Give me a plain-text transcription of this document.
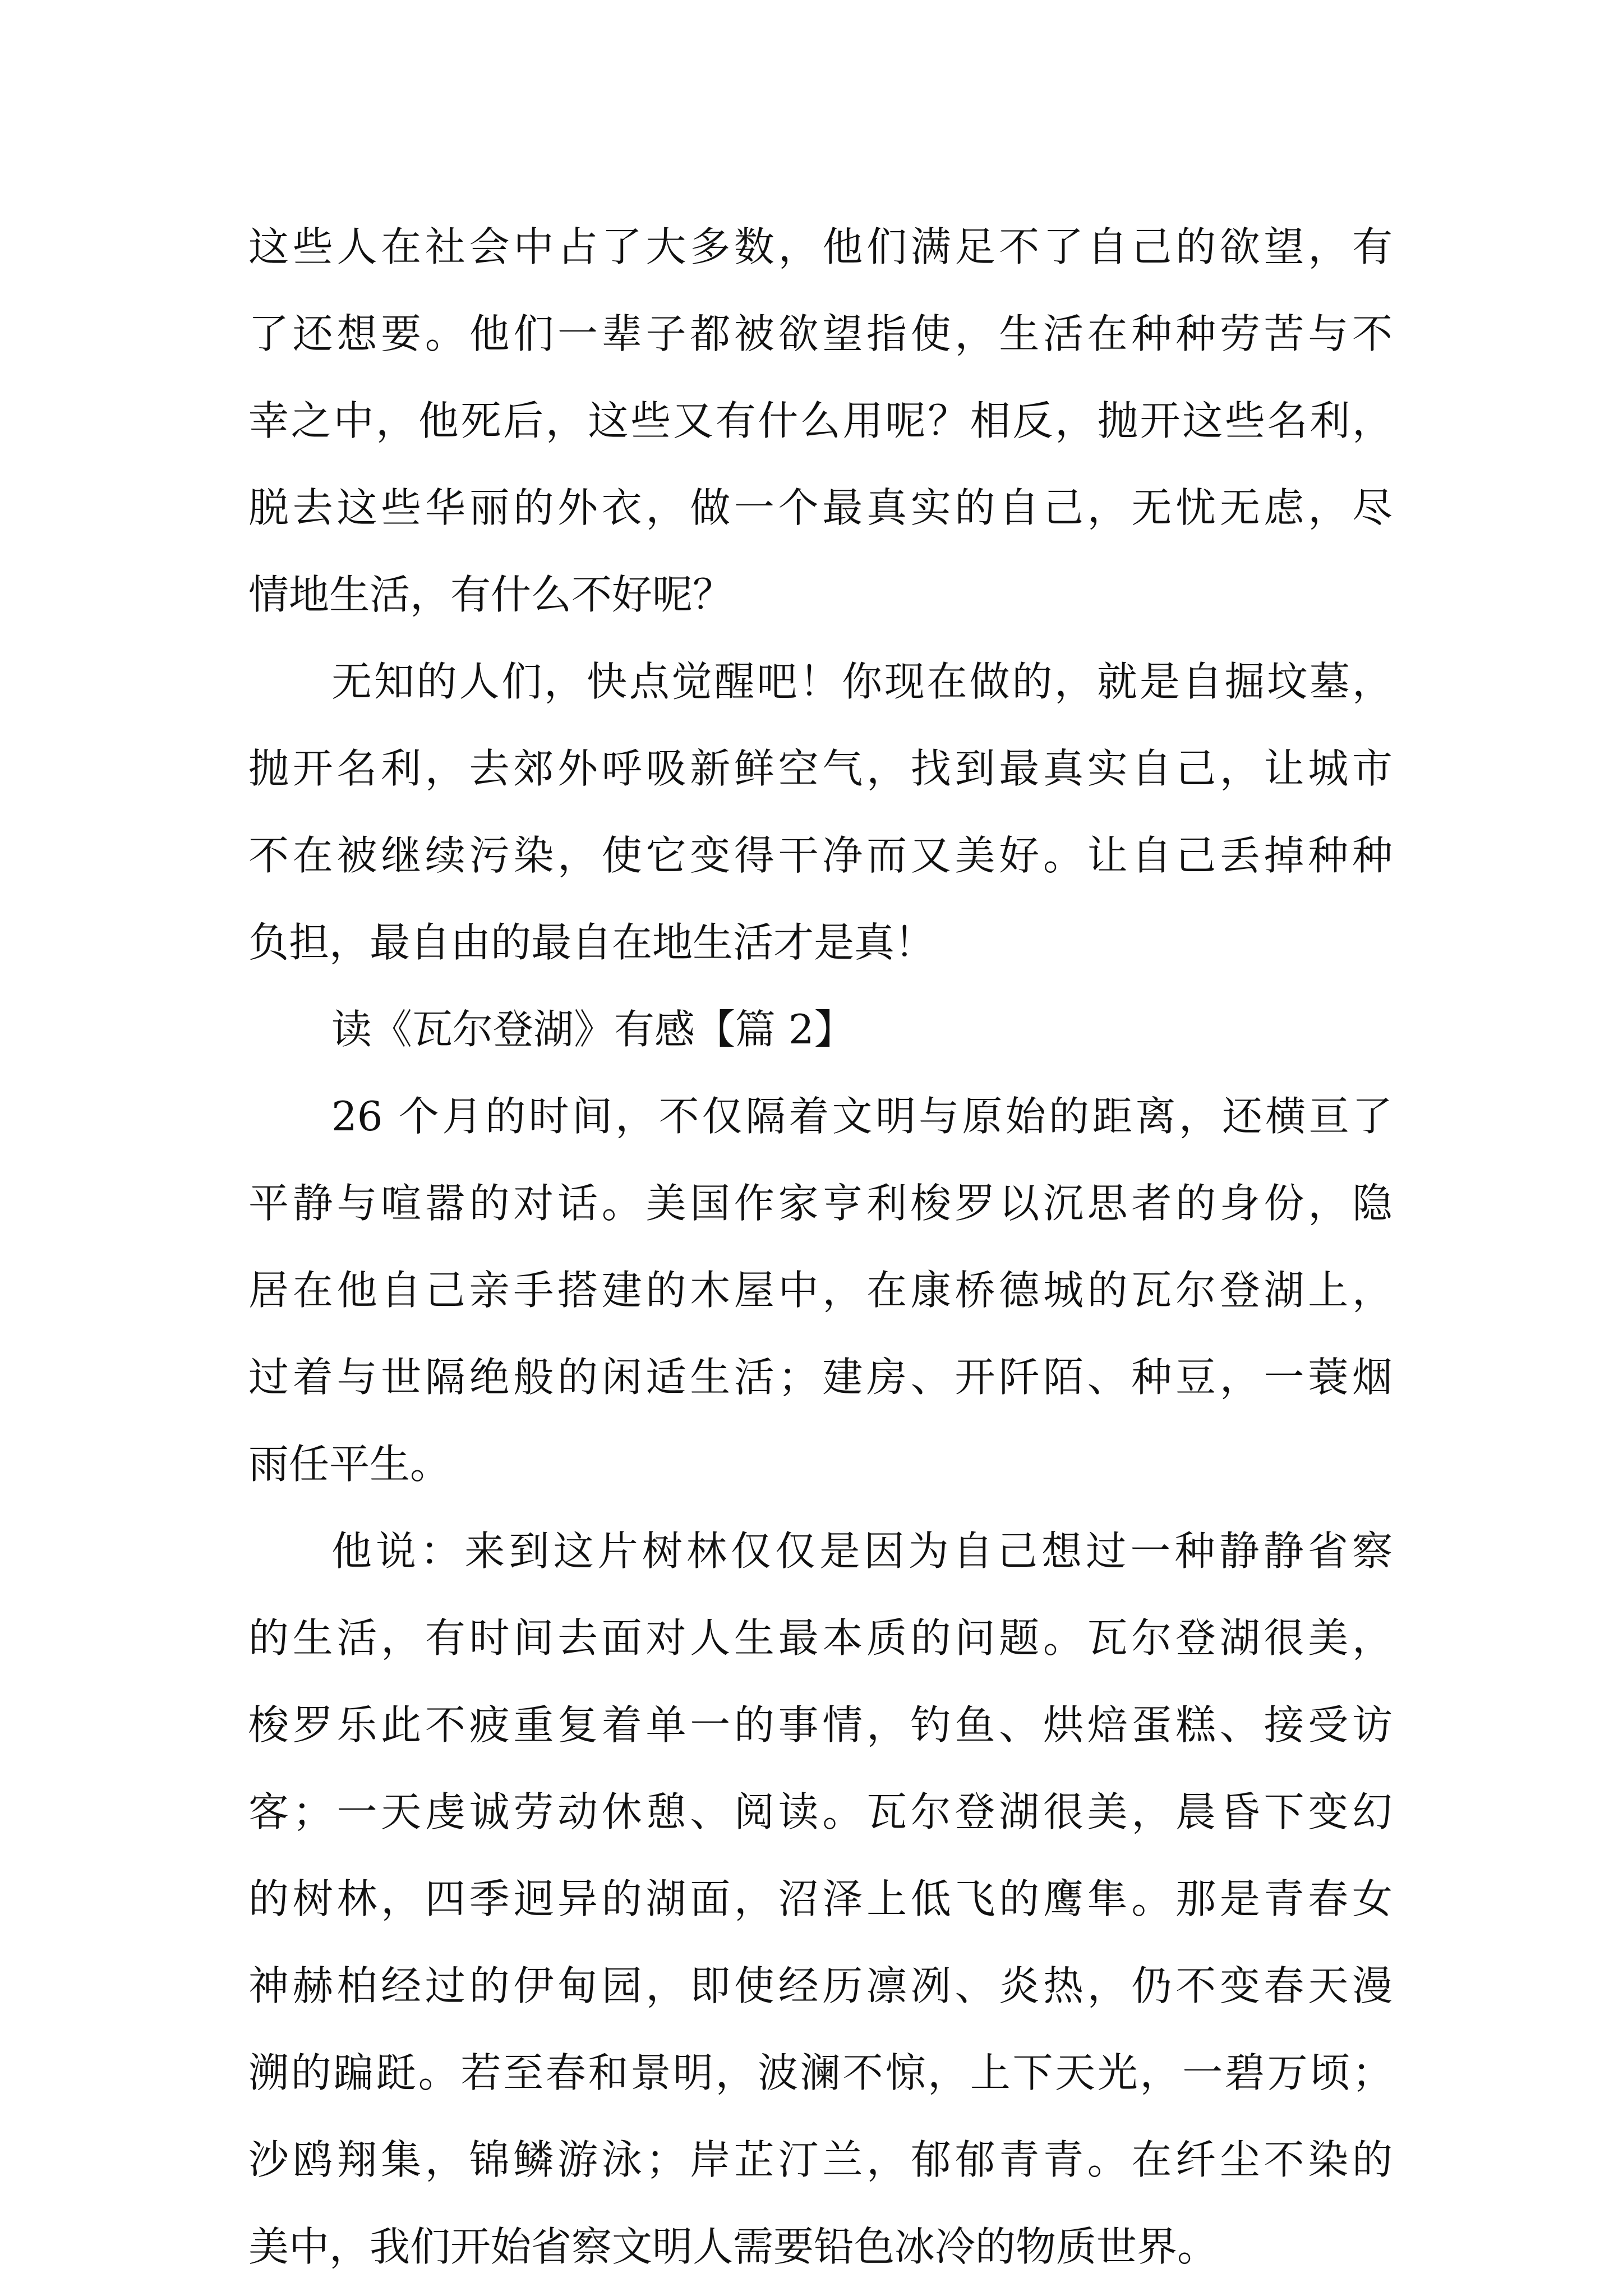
这些人在社会中占了大多数，他们满足不了自己的欲望，有
了还想要。他们一辈子都被欲望指使，生活在种种劳苦与不
幸之中，他死后，这些又有什么用呢？相反，抛开这些名利，
脱去这些华丽的外衣，做一个最真实的自己，无忧无虑，尽
情地生活，有什么不好呢？
无知的人们，快点觉醒吧！你现在做的，就是自掘坟墓，
抛开名利，去郊外呼吸新鲜空气，找到最真实自己，让城市
不在被继续污染，使它变得干净而又美好。让自己丢掉种种
负担，最自由的最自在地生活才是真！
读《瓦尔登湖》有感【篇 2】
26 个月的时间，不仅隔着文明与原始的距离，还横亘了
平静与喧嚣的对话。美国作家亨利梭罗以沉思者的身份，隐
居在他自己亲手搭建的木屋中，在康桥德城的瓦尔登湖上，
过着与世隔绝般的闲适生活；建房、开阡陌、种豆，一蓑烟
雨任平生。
他说：来到这片树林仅仅是因为自己想过一种静静省察
的生活，有时间去面对人生最本质的问题。瓦尔登湖很美，
梭罗乐此不疲重复着单一的事情，钓鱼、烘焙蛋糕、接受访
客；一天虔诚劳动休憩、阅读。瓦尔登湖很美，晨昏下变幻
的树林，四季迥异的湖面，沼泽上低飞的鹰隼。那是青春女
神赫柏经过的伊甸园，即使经历凛冽、炎热，仍不变春天漫
溯的蹁跹。若至春和景明，波澜不惊，上下天光，一碧万顷；
沙鸥翔集，锦鳞游泳；岸芷汀兰，郁郁青青。在纤尘不染的
美中，我们开始省察文明人需要铅色冰冷的物质世界。
